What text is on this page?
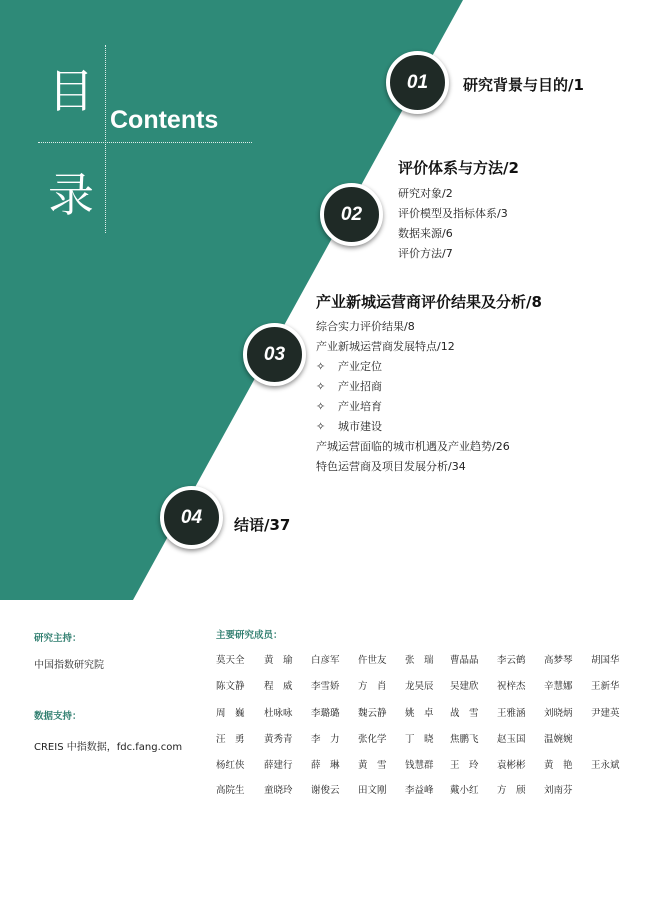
目
录
Contents
01 研究背景与目的/1
评价体系与方法/2
02
研究对象/2
评价模型及指标体系/3
数据来源/6
评价方法/7
产业新城运营商评价结果及分析/8
03
综合实力评价结果/8
产业新城运营商发展特点/12
✧ 产业定位
✧ 产业招商
✧ 产业培育
✧ 城市建设
产城运营面临的城市机遇及产业趋势/26
特色运营商及项目发展分析/34
04 结语/37
研究主持：
中国指数研究院
数据支持：
CREIS 中指数据，fdc.fang.com
主要研究成员：
莫天全 黄　瑜 白彦军 仵世友 张　瑞 曹晶晶 李云鹤 高梦琴 胡国华
陈文静 程　威 李雪娇 方　肖 龙昊辰 吴建欣 祝梓杰 辛慧娜 王新华
周　巍 杜咏咏 李璐璐 魏云静 姚　卓 战　雪 王雅涵 刘晓炳 尹建英
汪　勇 黄秀青 李　力 张化学 丁　晓 焦鹏飞 赵玉国 温婉婉
杨红侠 薛建行 薛　琳 黄　雪 钱慧群 王　玲 袁彬彬 黄　艳 王永斌
高院生 童晓玲 谢俊云 田文刚 李益峰 戴小红 方　颀 刘南芬
